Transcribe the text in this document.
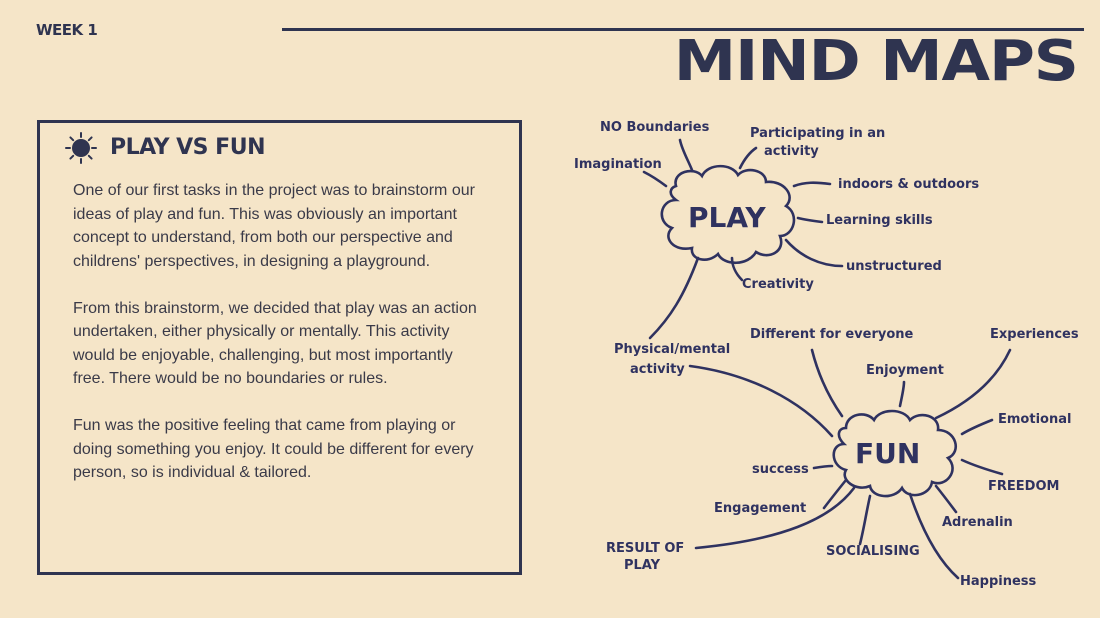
WEEK 1	MIND MAPS
PLAY VS FUN

One of our first tasks in the project was to brainstorm our ideas of play and fun. This was obviously an important concept to understand, from both our perspective and childrens' perspectives, in designing a playground.

From this brainstorm, we decided that play was an action undertaken, either physically or mentally. This activity would be enjoyable, challenging, but most importantly free. There would be no boundaries or rules.

Fun was the positive feeling that came from playing or doing something you enjoy. It could be different for every person, so is individual & tailored.

PLAY
FUN
NO Boundaries	Participating in an
activity
Imagination
indoors & outdoors
Learning skills
unstructured
Creativity
Physical/mental
activity
Different for everyone	Experiences
Enjoyment
Emotional
FREEDOM
Adrenalin
Happiness
SOCIALISING
RESULT OF
PLAY
Engagement
success
